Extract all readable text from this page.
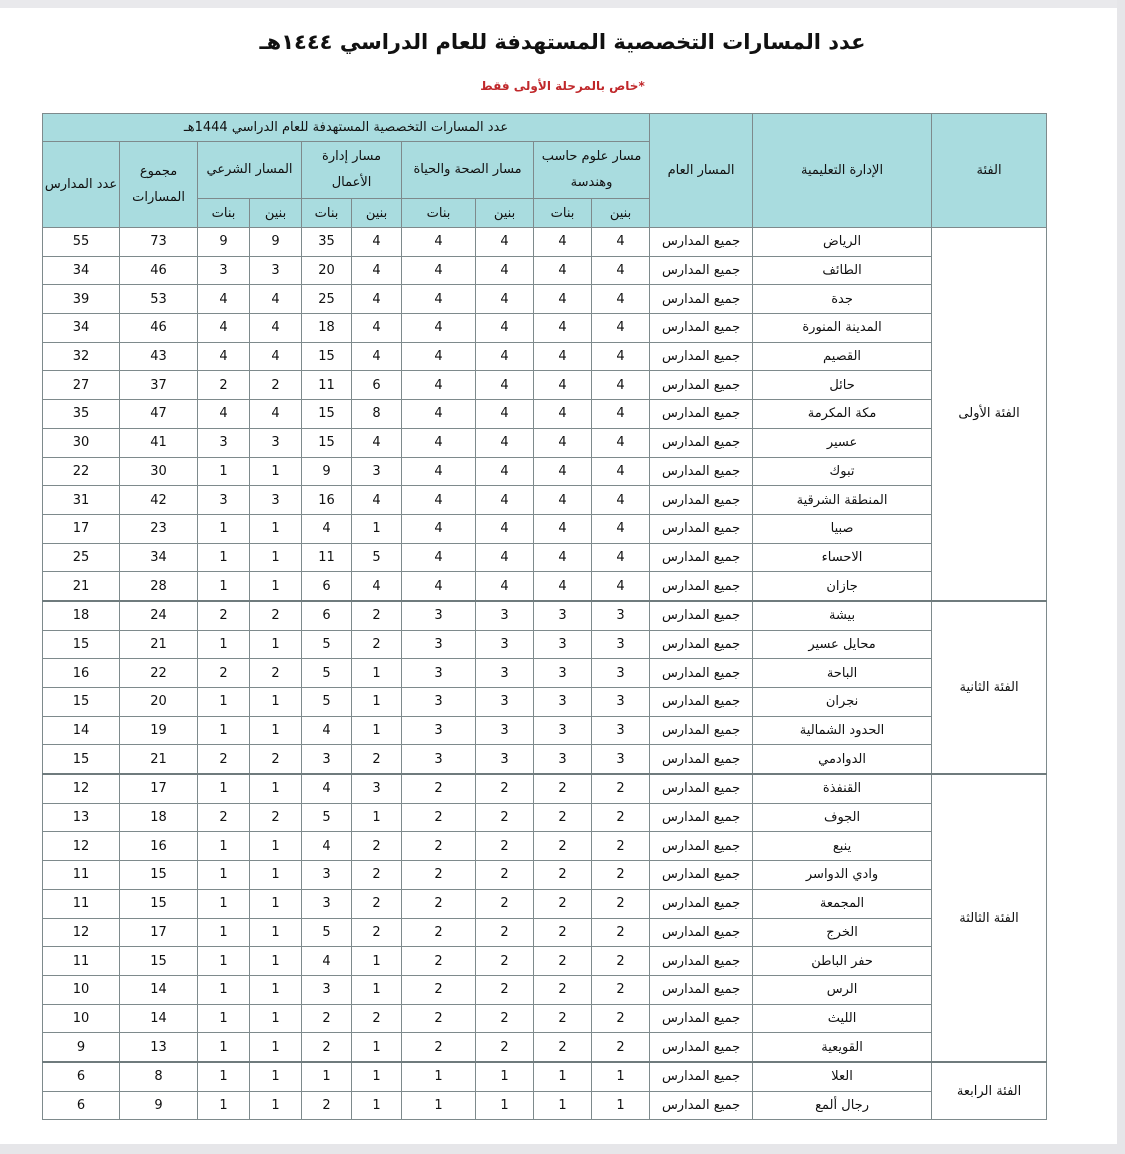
عدد المسارات التخصصية المستهدفة للعام الدراسي ١٤٤٤هـ
*خاص بالمرحلة الأولى فقط
الفئة	الإدارة التعليمية	المسار العام	عدد المسارات التخصصية المستهدفة للعام الدراسي 1444هـ									
			مسار علوم حاسب وهندسة		مسار الصحة والحياة		مسار إدارة الأعمال		المسار الشرعي		مجموع المسارات	عدد المدارس
			بنين	بنات	بنين	بنات	بنين	بنات	بنين	بنات		
الفئة الأولى	الرياض	جميع المدارس	4	4	4	4	4	35	9	9	73	55
	الطائف	جميع المدارس	4	4	4	4	4	20	3	3	46	34
	جدة	جميع المدارس	4	4	4	4	4	25	4	4	53	39
	المدينة المنورة	جميع المدارس	4	4	4	4	4	18	4	4	46	34
	القصيم	جميع المدارس	4	4	4	4	4	15	4	4	43	32
	حائل	جميع المدارس	4	4	4	4	6	11	2	2	37	27
	مكة المكرمة	جميع المدارس	4	4	4	4	8	15	4	4	47	35
	عسير	جميع المدارس	4	4	4	4	4	15	3	3	41	30
	تبوك	جميع المدارس	4	4	4	4	3	9	1	1	30	22
	المنطقة الشرقية	جميع المدارس	4	4	4	4	4	16	3	3	42	31
	صبيا	جميع المدارس	4	4	4	4	1	4	1	1	23	17
	الاحساء	جميع المدارس	4	4	4	4	5	11	1	1	34	25
	جازان	جميع المدارس	4	4	4	4	4	6	1	1	28	21
الفئة الثانية	بيشة	جميع المدارس	3	3	3	3	2	6	2	2	24	18
	محايل عسير	جميع المدارس	3	3	3	3	2	5	1	1	21	15
	الباحة	جميع المدارس	3	3	3	3	1	5	2	2	22	16
	نجران	جميع المدارس	3	3	3	3	1	5	1	1	20	15
	الحدود الشمالية	جميع المدارس	3	3	3	3	1	4	1	1	19	14
	الدوادمي	جميع المدارس	3	3	3	3	2	3	2	2	21	15
الفئة الثالثة	القنفذة	جميع المدارس	2	2	2	2	3	4	1	1	17	12
	الجوف	جميع المدارس	2	2	2	2	1	5	2	2	18	13
	ينبع	جميع المدارس	2	2	2	2	2	4	1	1	16	12
	وادي الدواسر	جميع المدارس	2	2	2	2	2	3	1	1	15	11
	المجمعة	جميع المدارس	2	2	2	2	2	3	1	1	15	11
	الخرج	جميع المدارس	2	2	2	2	2	5	1	1	17	12
	حفر الباطن	جميع المدارس	2	2	2	2	1	4	1	1	15	11
	الرس	جميع المدارس	2	2	2	2	1	3	1	1	14	10
	الليث	جميع المدارس	2	2	2	2	2	2	1	1	14	10
	القويعية	جميع المدارس	2	2	2	2	1	2	1	1	13	9
الفئة الرابعة	العلا	جميع المدارس	1	1	1	1	1	1	1	1	8	6
	رجال ألمع	جميع المدارس	1	1	1	1	1	2	1	1	9	6
